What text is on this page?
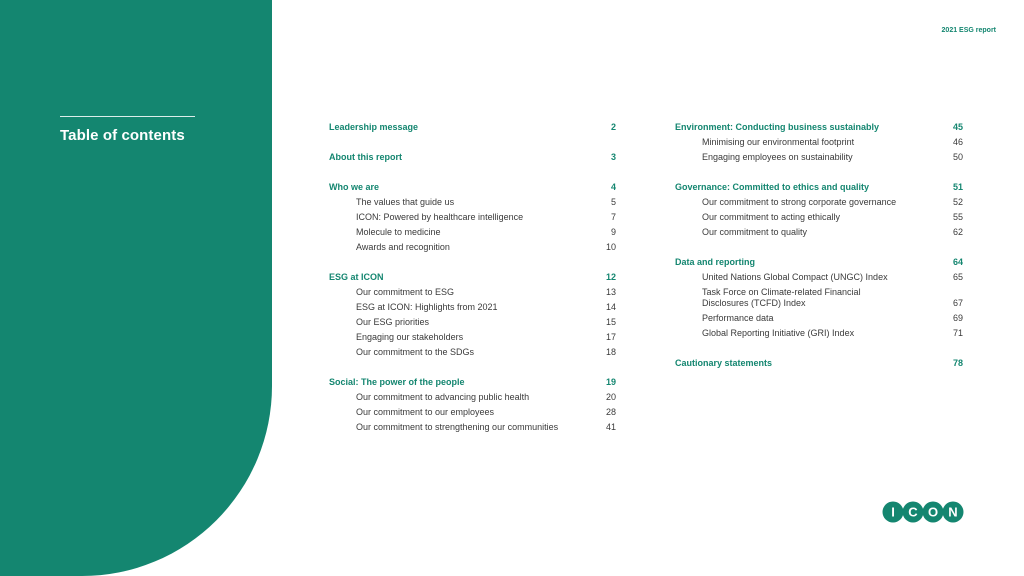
Table of contents
2021 ESG report
Leadership message	2
About this report	3
Who we are	4
The values that guide us	5
ICON: Powered by healthcare intelligence	7
Molecule to medicine	9
Awards and recognition	10
ESG at ICON	12
Our commitment to ESG	13
ESG at ICON: Highlights from 2021	14
Our ESG priorities	15
Engaging our stakeholders	17
Our commitment to the SDGs	18
Social: The power of the people	19
Our commitment to advancing public health	20
Our commitment to our employees	28
Our commitment to strengthening our communities	41
Environment: Conducting business sustainably	45
Minimising our environmental footprint	46
Engaging employees on sustainability	50
Governance: Committed to ethics and quality	51
Our commitment to strong corporate governance	52
Our commitment to acting ethically	55
Our commitment to quality	62
Data and reporting	64
United Nations Global Compact (UNGC) Index	65
Task Force on Climate-related Financial Disclosures (TCFD) Index	67
Performance data	69
Global Reporting Initiative (GRI) Index	71
Cautionary statements	78
I C O N
